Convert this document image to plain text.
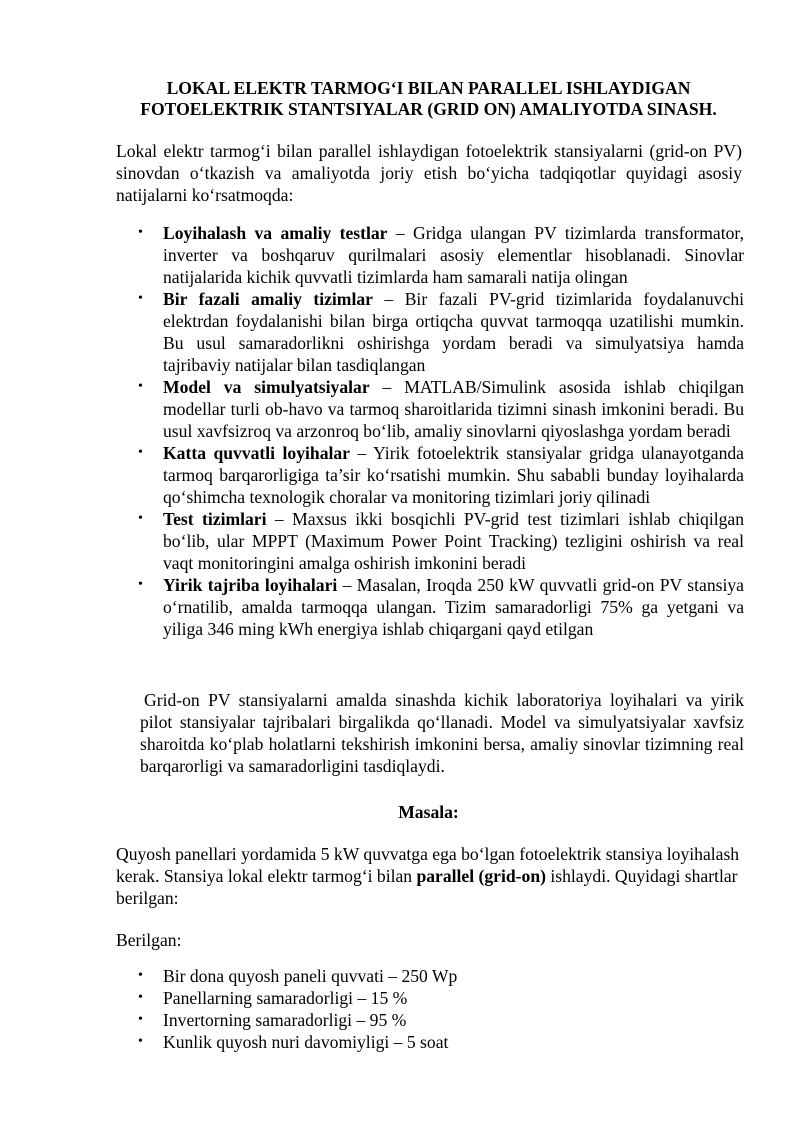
LOKAL ELEKTR TARMOG‘I BILAN PARALLEL ISHLAYDIGAN
FOTOELEKTRIK STANTSIYALAR (GRID ON) AMALIYOTDA SINASH.

Lokal elektr tarmog‘i bilan parallel ishlaydigan fotoelektrik stansiyalarni (grid-on PV) sinovdan o‘tkazish va amaliyotda joriy etish bo‘yicha tadqiqotlar quyidagi asosiy natijalarni ko‘rsatmoqda:

• Loyihalash va amaliy testlar – Gridga ulangan PV tizimlarda transformator, inverter va boshqaruv qurilmalari asosiy elementlar hisoblanadi. Sinovlar natijalarida kichik quvvatli tizimlarda ham samarali natija olingan
• Bir fazali amaliy tizimlar – Bir fazali PV-grid tizimlarida foydalanuvchi elektrdan foydalanishi bilan birga ortiqcha quvvat tarmoqqa uzatilishi mumkin. Bu usul samaradorlikni oshirishga yordam beradi va simulyatsiya hamda tajribaviy natijalar bilan tasdiqlangan
• Model va simulyatsiyalar – MATLAB/Simulink asosida ishlab chiqilgan modellar turli ob-havo va tarmoq sharoitlarida tizimni sinash imkonini beradi. Bu usul xavfsizroq va arzonroq bo‘lib, amaliy sinovlarni qiyoslashga yordam beradi
• Katta quvvatli loyihalar – Yirik fotoelektrik stansiyalar gridga ulanayotganda tarmoq barqarorligiga ta’sir ko‘rsatishi mumkin. Shu sababli bunday loyihalarda qo‘shimcha texnologik choralar va monitoring tizimlari joriy qilinadi
• Test tizimlari – Maxsus ikki bosqichli PV-grid test tizimlari ishlab chiqilgan bo‘lib, ular MPPT (Maximum Power Point Tracking) tezligini oshirish va real vaqt monitoringini amalga oshirish imkonini beradi
• Yirik tajriba loyihalari – Masalan, Iroqda 250 kW quvvatli grid-on PV stansiya o‘rnatilib, amalda tarmoqqa ulangan. Tizim samaradorligi 75% ga yetgani va yiliga 346 ming kWh energiya ishlab chiqargani qayd etilgan

Grid-on PV stansiyalarni amalda sinashda kichik laboratoriya loyihalari va yirik pilot stansiyalar tajribalari birgalikda qo‘llanadi. Model va simulyatsiyalar xavfsiz sharoitda ko‘plab holatlarni tekshirish imkonini bersa, amaliy sinovlar tizimning real barqarorligi va samaradorligini tasdiqlaydi.

Masala:

Quyosh panellari yordamida 5 kW quvvatga ega bo‘lgan fotoelektrik stansiya loyihalash kerak. Stansiya lokal elektr tarmog‘i bilan parallel (grid-on) ishlaydi. Quyidagi shartlar berilgan:

Berilgan:

• Bir dona quyosh paneli quvvati – 250 Wp
• Panellarning samaradorligi – 15 %
• Invertorning samaradorligi – 95 %
• Kunlik quyosh nuri davomiyligi – 5 soat
